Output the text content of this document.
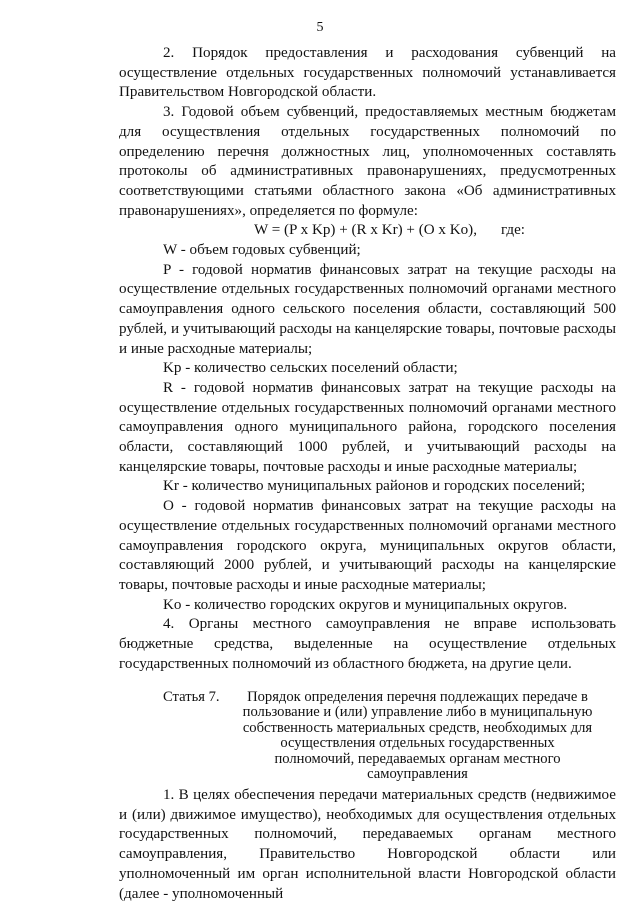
5

2. Порядок предоставления и расходования субвенций на осуществление отдельных государственных полномочий устанавливается Правительством Новгородской области.

3. Годовой объем субвенций, предоставляемых местным бюджетам для осуществления отдельных государственных полномочий по определению перечня должностных лиц, уполномоченных составлять протоколы об административных правонарушениях, предусмотренных соответствующими статьями областного закона «Об административных правонарушениях», определяется по формуле:

W = (P x Kp) + (R x Kr) + (O x Ko), где:

W - объем годовых субвенций;

P - годовой норматив финансовых затрат на текущие расходы на осуществление отдельных государственных полномочий органами местного самоуправления одного сельского поселения области, составляющий 500 рублей, и учитывающий расходы на канцелярские товары, почтовые расходы и иные расходные материалы;

Kp - количество сельских поселений области;

R - годовой норматив финансовых затрат на текущие расходы на осуществление отдельных государственных полномочий органами местного самоуправления одного муниципального района, городского поселения области, составляющий 1000 рублей, и учитывающий расходы на канцелярские товары, почтовые расходы и иные расходные материалы;

Kr - количество муниципальных районов и городских поселений;

O - годовой норматив финансовых затрат на текущие расходы на осуществление отдельных государственных полномочий органами местного самоуправления городского округа, муниципальных округов области, составляющий 2000 рублей, и учитывающий расходы на канцелярские товары, почтовые расходы и иные расходные материалы;

Ko - количество городских округов и муниципальных округов.

4. Органы местного самоуправления не вправе использовать бюджетные средства, выделенные на осуществление отдельных государственных полномочий из областного бюджета, на другие цели.

Статья 7.	Порядок определения перечня подлежащих передаче в пользование и (или) управление либо в муниципальную собственность материальных средств, необходимых для осуществления отдельных государственных полномочий, передаваемых органам местного самоуправления

1. В целях обеспечения передачи материальных средств (недвижимое и (или) движимое имущество), необходимых для осуществления отдельных государственных полномочий, передаваемых органам местного самоуправления, Правительство Новгородской области или уполномоченный им орган исполнительной власти Новгородской области (далее - уполномоченный
